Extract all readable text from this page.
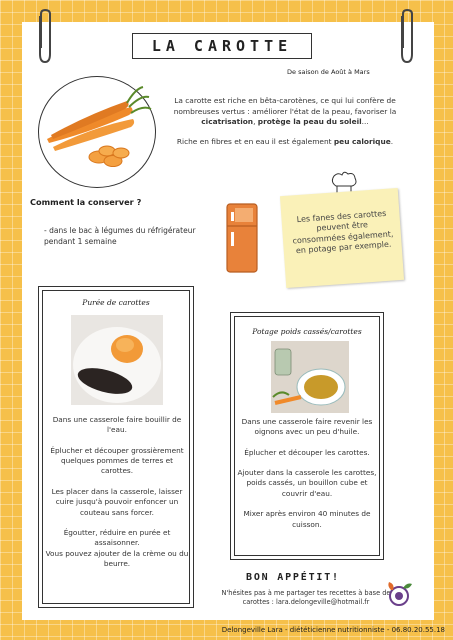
LA CAROTTE
De saison de Août à Mars

La carotte est riche en bêta-carotènes, ce qui lui confère de nombreuses vertus : améliorer l'état de la peau, favoriser la cicatrisation, protège la peau du soleil...

Riche en fibres et en eau il est également peu calorique.

Comment la conserver ?
- dans le bac à légumes du réfrigérateur pendant 1 semaine
Les fanes des carottes peuvent être consommées également, en potage par exemple.
Purée de carottes

Dans une casserole faire bouillir de l'eau.

Éplucher et découper grossièrement quelques pommes de terres et carottes.

Les placer dans la casserole, laisser cuire jusqu'à pouvoir enfoncer un couteau sans forcer.

Égoutter, réduire en purée et assaisonner.
Vous pouvez ajouter de la crème ou du beurre.

Potage poids cassés/carottes

Dans une casserole faire revenir les oignons avec un peu d'huile.

Éplucher et découper les carottes.

Ajouter dans la casserole les carottes, poids cassés, un bouillon cube et couvrir d'eau.

Mixer après environ 40 minutes de cuisson.

BON APPÉTIT!
N'hésites pas à me partager tes recettes à base de carottes : lara.delongeville@hotmail.fr
Delongeville Lara - diététicienne nutritionniste - 06.80.20.55.18
